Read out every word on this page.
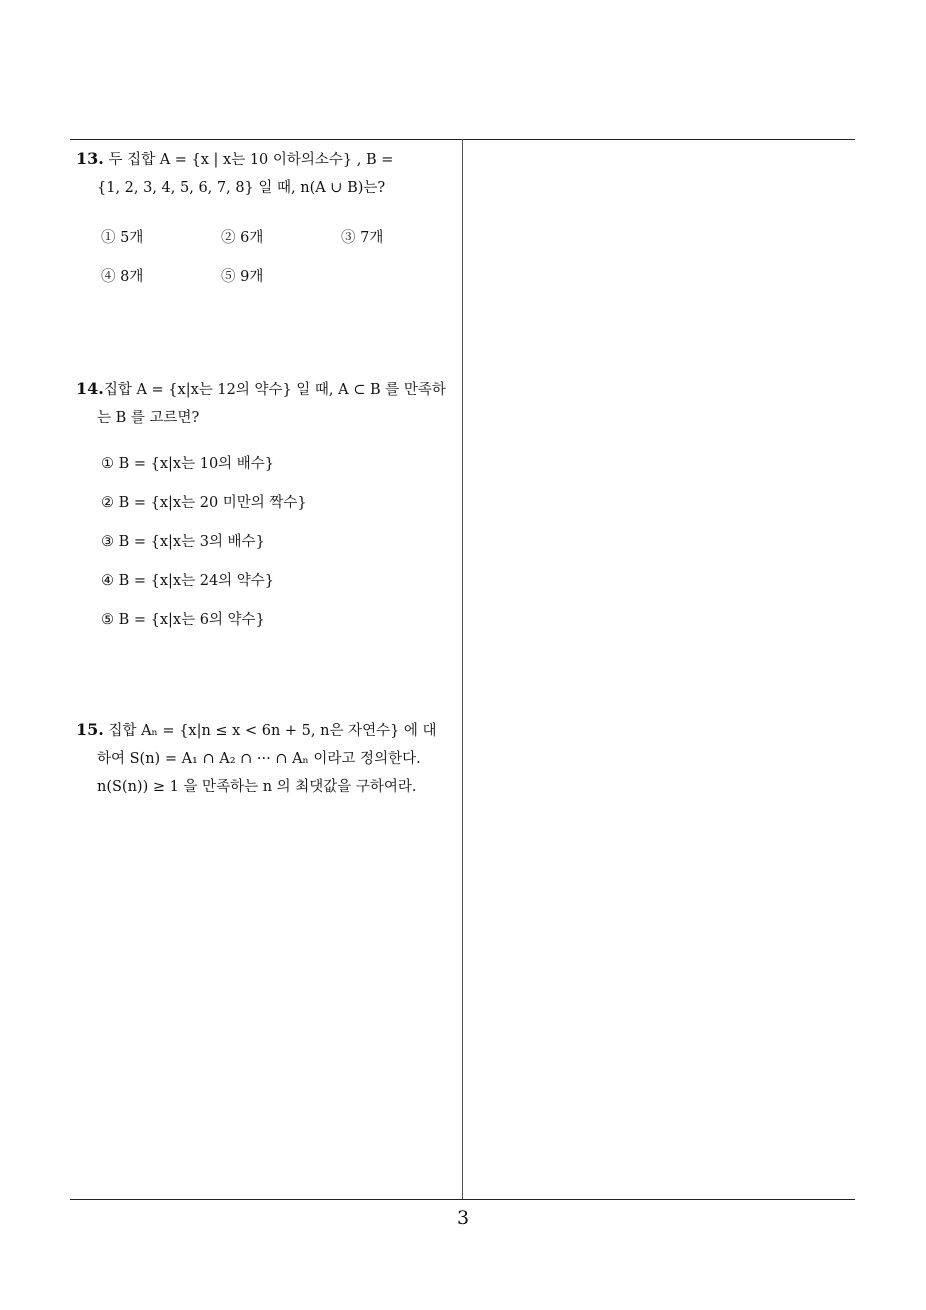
13. 두 집합 A = {x | x는 10 이하의소수} , B =
{1, 2, 3, 4, 5, 6, 7, 8} 일 때, n(A ∪ B)는?
① 5개	② 6개	③ 7개
④ 8개	⑤ 9개
14.집합 A = {x|x는 12의 약수} 일 때, A ⊂ B 를 만족하
는 B 를 고르면?
① B = {x|x는 10의 배수}
② B = {x|x는 20 미만의 짝수}
③ B = {x|x는 3의 배수}
④ B = {x|x는 24의 약수}
⑤ B = {x|x는 6의 약수}
15. 집합 Aₙ = {x|n ≤ x < 6n + 5, n은 자연수} 에 대
하여 S(n) = A₁ ∩ A₂ ∩ ··· ∩ Aₙ 이라고 정의한다.
n(S(n)) ≥ 1 을 만족하는 n 의 최댓값을 구하여라.
3
